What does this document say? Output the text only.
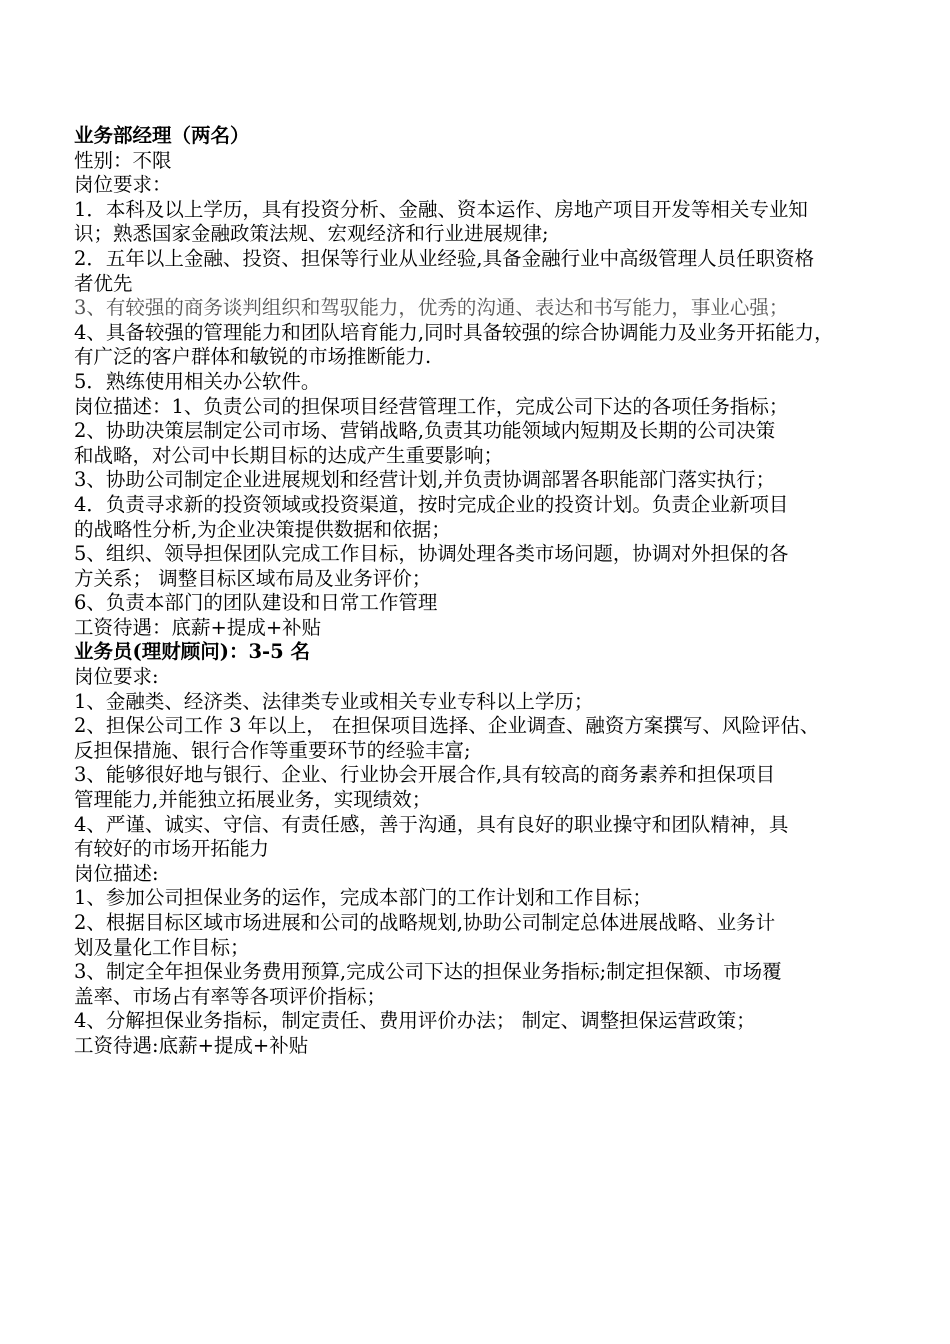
业务部经理（两名）
性别：不限
岗位要求：
1．本科及以上学历，具有投资分析、金融、资本运作、房地产项目开发等相关专业知
识；熟悉国家金融政策法规、宏观经济和行业进展规律;
2．五年以上金融、投资、担保等行业从业经验,具备金融行业中高级管理人员任职资格
者优先
3、有较强的商务谈判组织和驾驭能力，优秀的沟通、表达和书写能力，事业心强；
4、具备较强的管理能力和团队培育能力,同时具备较强的综合协调能力及业务开拓能力，
有广泛的客户群体和敏锐的市场推断能力.
5．熟练使用相关办公软件。
岗位描述：1、负责公司的担保项目经营管理工作，完成公司下达的各项任务指标；
2、协助决策层制定公司市场、营销战略,负责其功能领域内短期及长期的公司决策
和战略，对公司中长期目标的达成产生重要影响；
3、协助公司制定企业进展规划和经营计划,并负责协调部署各职能部门落实执行；
4．负责寻求新的投资领域或投资渠道，按时完成企业的投资计划。负责企业新项目
的战略性分析,为企业决策提供数据和依据；
5、组织、领导担保团队完成工作目标，协调处理各类市场问题，协调对外担保的各
方关系； 调整目标区域布局及业务评价；
6、负责本部门的团队建设和日常工作管理
工资待遇：底薪+提成+补贴
业务员(理财顾问)：3-5 名
岗位要求:
1、金融类、经济类、法律类专业或相关专业专科以上学历；
2、担保公司工作 3 年以上， 在担保项目选择、企业调查、融资方案撰写、风险评估、
反担保措施、银行合作等重要环节的经验丰富;
3、能够很好地与银行、企业、行业协会开展合作,具有较高的商务素养和担保项目
管理能力,并能独立拓展业务，实现绩效；
4、严谨、诚实、守信、有责任感，善于沟通，具有良好的职业操守和团队精神，具
有较好的市场开拓能力
岗位描述:
1、参加公司担保业务的运作，完成本部门的工作计划和工作目标；
2、根据目标区域市场进展和公司的战略规划,协助公司制定总体进展战略、业务计
划及量化工作目标；
3、制定全年担保业务费用预算,完成公司下达的担保业务指标;制定担保额、市场覆
盖率、市场占有率等各项评价指标；
4、分解担保业务指标，制定责任、费用评价办法； 制定、调整担保运营政策；
工资待遇:底薪+提成+补贴
